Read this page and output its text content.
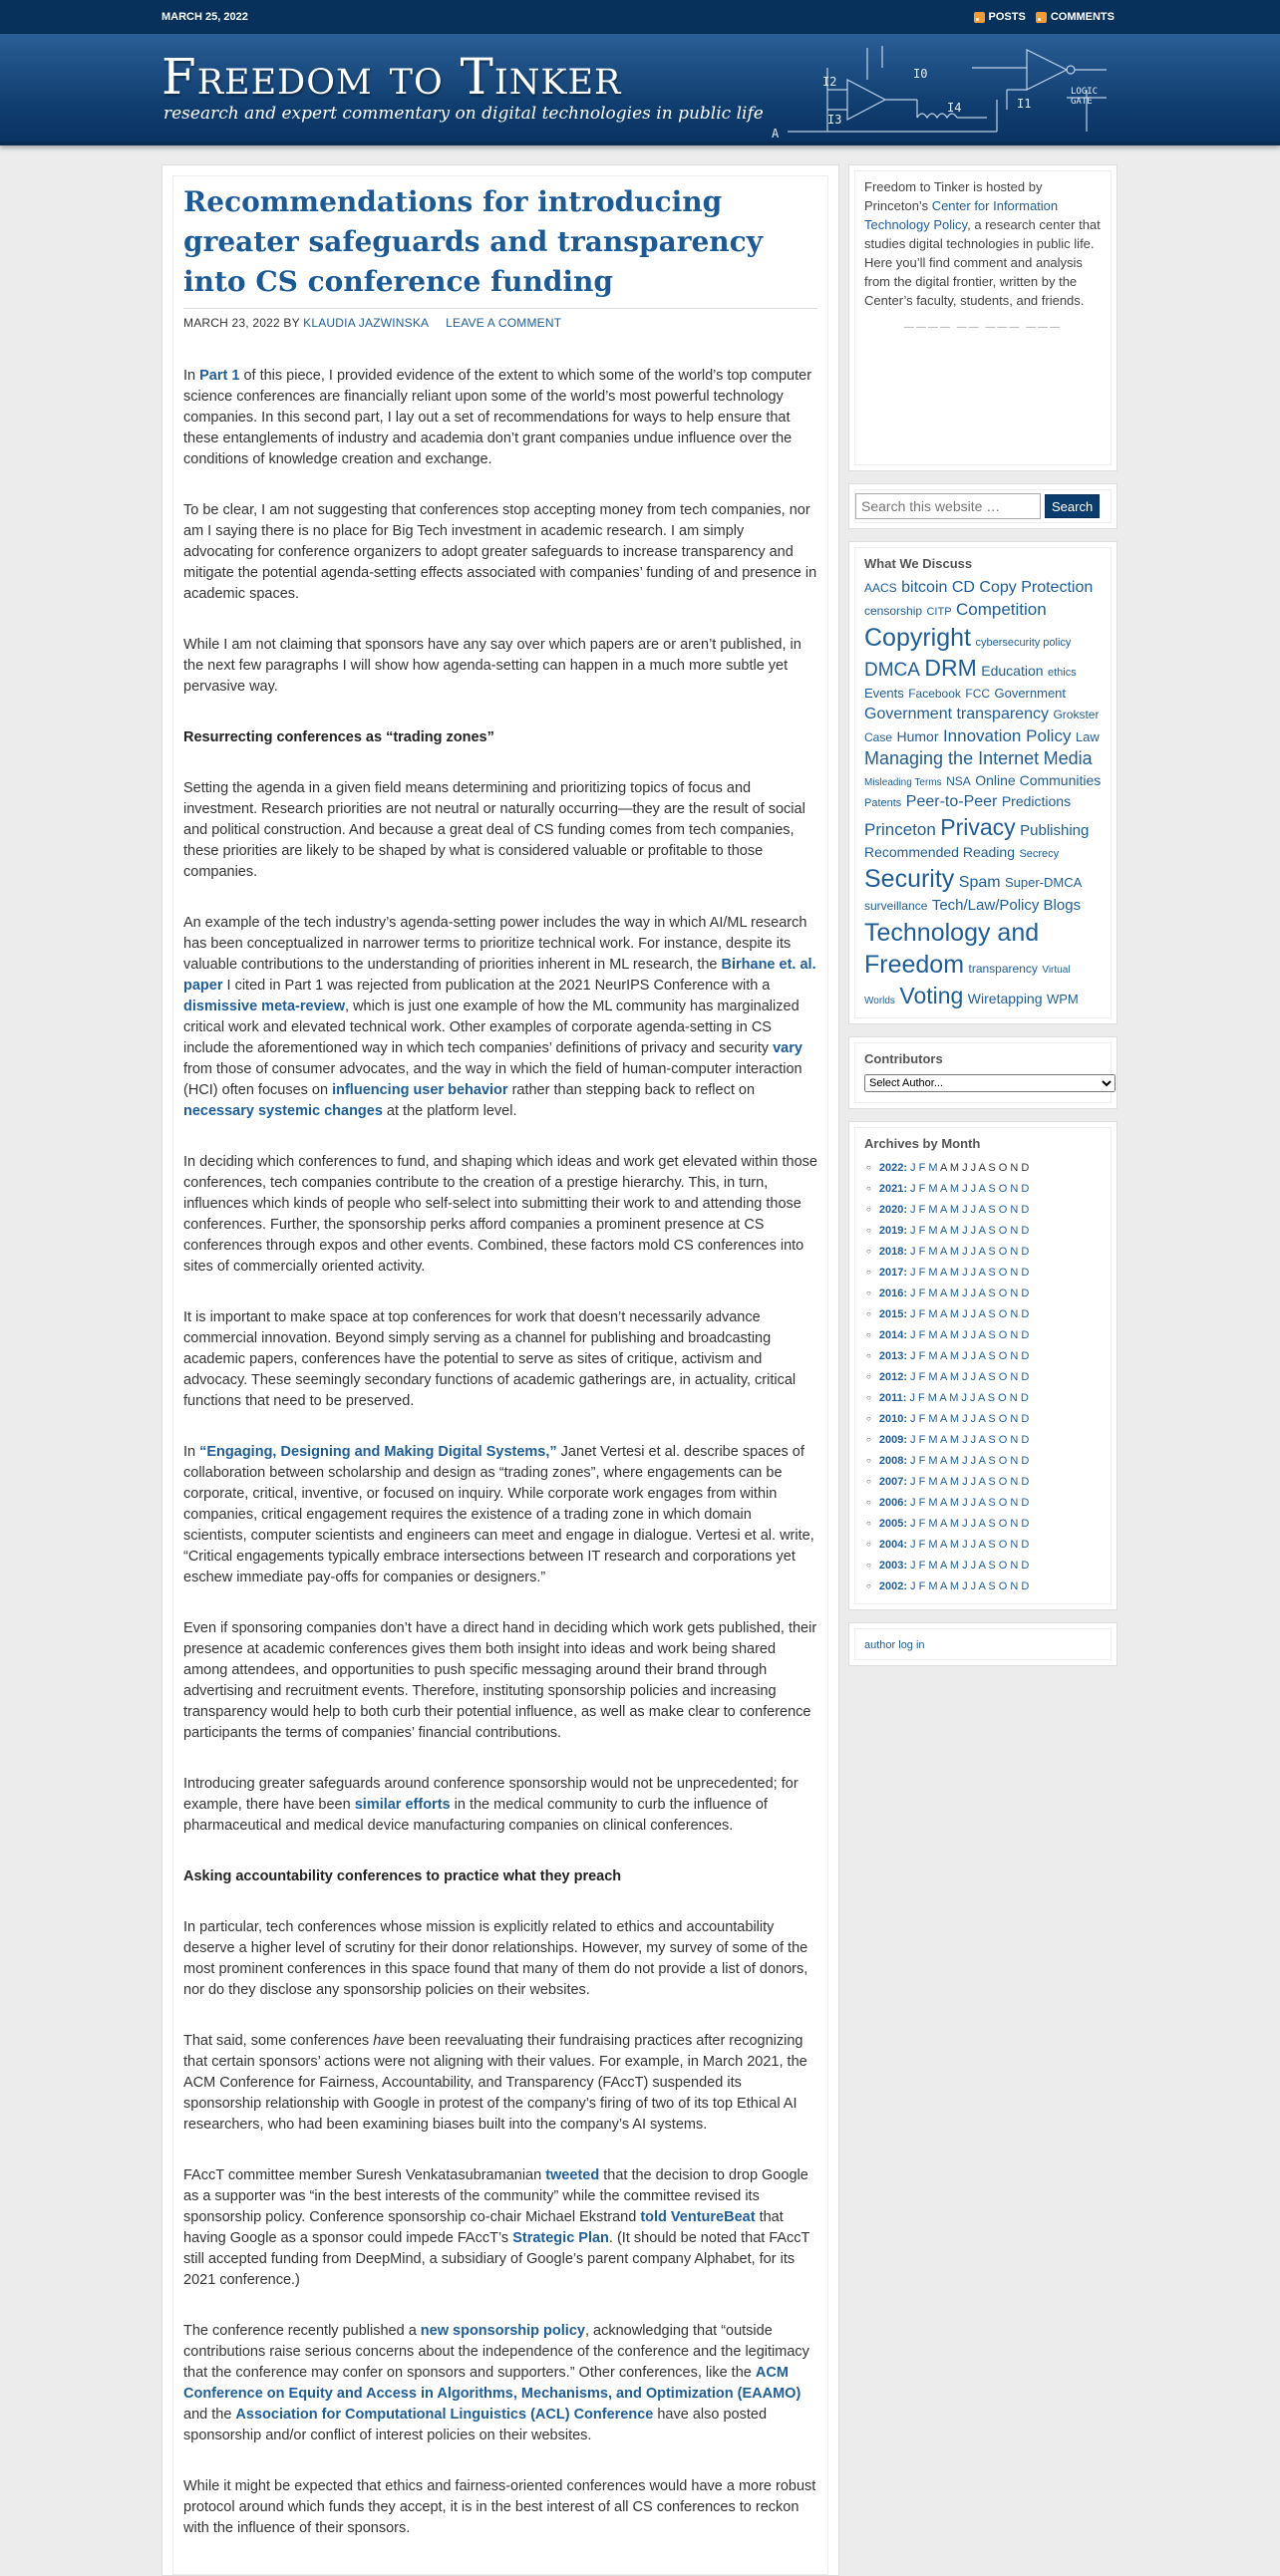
MARCH 25, 2022	POSTS COMMENTS
Freedom to Tinker
research and expert commentary on digital technologies in public life
I2
I0
I1
I3
I4
LOGIC
GATE
A
Recommendations for introducing greater safeguards and transparency into CS conference funding
MARCH 23, 2022 BY KLAUDIA JAZWINSKA LEAVE A COMMENT

In Part 1 of this piece, I provided evidence of the extent to which some of the world’s top computer science conferences are financially reliant upon some of the world’s most powerful technology companies. In this second part, I lay out a set of recommendations for ways to help ensure that these entanglements of industry and academia don’t grant companies undue influence over the conditions of knowledge creation and exchange.

To be clear, I am not suggesting that conferences stop accepting money from tech companies, nor am I saying there is no place for Big Tech investment in academic research. I am simply advocating for conference organizers to adopt greater safeguards to increase transparency and mitigate the potential agenda-setting effects associated with companies’ funding of and presence in academic spaces.

While I am not claiming that sponsors have any say over which papers are or aren’t published, in the next few paragraphs I will show how agenda-setting can happen in a much more subtle yet pervasive way.

Resurrecting conferences as “trading zones”

Setting the agenda in a given field means determining and prioritizing topics of focus and investment. Research priorities are not neutral or naturally occurring—they are the result of social and political construction. And because a great deal of CS funding comes from tech companies, these priorities are likely to be shaped by what is considered valuable or profitable to those companies.

An example of the tech industry’s agenda-setting power includes the way in which AI/ML research has been conceptualized in narrower terms to prioritize technical work. For instance, despite its valuable contributions to the understanding of priorities inherent in ML research, the Birhane et. al. paper I cited in Part 1 was rejected from publication at the 2021 NeurIPS Conference with a dismissive meta-review, which is just one example of how the ML community has marginalized critical work and elevated technical work. Other examples of corporate agenda-setting in CS include the aforementioned way in which tech companies’ definitions of privacy and security vary from those of consumer advocates, and the way in which the field of human-computer interaction (HCI) often focuses on influencing user behavior rather than stepping back to reflect on necessary systemic changes at the platform level.

In deciding which conferences to fund, and shaping which ideas and work get elevated within those conferences, tech companies contribute to the creation of a prestige hierarchy. This, in turn, influences which kinds of people who self-select into submitting their work to and attending those conferences. Further, the sponsorship perks afford companies a prominent presence at CS conferences through expos and other events. Combined, these factors mold CS conferences into sites of commercially oriented activity.

It is important to make space at top conferences for work that doesn’t necessarily advance commercial innovation. Beyond simply serving as a channel for publishing and broadcasting academic papers, conferences have the potential to serve as sites of critique, activism and advocacy. These seemingly secondary functions of academic gatherings are, in actuality, critical functions that need to be preserved.

In “Engaging, Designing and Making Digital Systems,” Janet Vertesi et al. describe spaces of collaboration between scholarship and design as “trading zones”, where engagements can be corporate, critical, inventive, or focused on inquiry. While corporate work engages from within companies, critical engagement requires the existence of a trading zone in which domain scientists, computer scientists and engineers can meet and engage in dialogue. Vertesi et al. write, “Critical engagements typically embrace intersections between IT research and corporations yet eschew immediate pay-offs for companies or designers.”

Even if sponsoring companies don’t have a direct hand in deciding which work gets published, their presence at academic conferences gives them both insight into ideas and work being shared among attendees, and opportunities to push specific messaging around their brand through advertising and recruitment events. Therefore, instituting sponsorship policies and increasing transparency would help to both curb their potential influence, as well as make clear to conference participants the terms of companies’ financial contributions.

Introducing greater safeguards around conference sponsorship would not be unprecedented; for example, there have been similar efforts in the medical community to curb the influence of pharmaceutical and medical device manufacturing companies on clinical conferences.

Asking accountability conferences to practice what they preach

In particular, tech conferences whose mission is explicitly related to ethics and accountability deserve a higher level of scrutiny for their donor relationships. However, my survey of some of the most prominent conferences in this space found that many of them do not provide a list of donors, nor do they disclose any sponsorship policies on their websites.

That said, some conferences have been reevaluating their fundraising practices after recognizing that certain sponsors’ actions were not aligning with their values. For example, in March 2021, the ACM Conference for Fairness, Accountability, and Transparency (FAccT) suspended its sponsorship relationship with Google in protest of the company’s firing of two of its top Ethical AI researchers, who had been examining biases built into the company’s AI systems.

FAccT committee member Suresh Venkatasubramanian tweeted that the decision to drop Google as a supporter was “in the best interests of the community” while the committee revised its sponsorship policy. Conference sponsorship co-chair Michael Ekstrand told VentureBeat that having Google as a sponsor could impede FAccT’s Strategic Plan. (It should be noted that FAccT still accepted funding from DeepMind, a subsidiary of Google’s parent company Alphabet, for its 2021 conference.)

The conference recently published a new sponsorship policy, acknowledging that “outside contributions raise serious concerns about the independence of the conference and the legitimacy that the conference may confer on sponsors and supporters.” Other conferences, like the ACM Conference on Equity and Access in Algorithms, Mechanisms, and Optimization (EAAMO) and the Association for Computational Linguistics (ACL) Conference have also posted sponsorship and/or conflict of interest policies on their websites.

While it might be expected that ethics and fairness-oriented conferences would have a more robust protocol around which funds they accept, it is in the best interest of all CS conferences to reckon with the influence of their sponsors.

Freedom to Tinker is hosted by Princeton’s Center for Information Technology Policy, a research center that studies digital technologies in public life. Here you’ll find comment and analysis from the digital frontier, written by the Center’s faculty, students, and friends.
———— —— ——— ———
Search this website …
Search
What We Discuss
AACS bitcoin CD Copy Protection censorship CITP Competition Copyright cybersecurity policy DMCA DRM Education ethics Events Facebook FCC Government Government transparency Grokster Case Humor Innovation Policy Law Managing the Internet Media Misleading Terms NSA Online Communities Patents Peer-to-Peer Predictions Princeton Privacy Publishing Recommended Reading Secrecy Security Spam Super-DMCA surveillance Tech/Law/Policy Blogs Technology and Freedom transparency Virtual Worlds Voting Wiretapping WPM
Contributors
Select Author...
Archives by Month
○ 2022: J F M A M J J A S O N D
○ 2021: J F M A M J J A S O N D
○ 2020: J F M A M J J A S O N D
○ 2019: J F M A M J J A S O N D
○ 2018: J F M A M J J A S O N D
○ 2017: J F M A M J J A S O N D
○ 2016: J F M A M J J A S O N D
○ 2015: J F M A M J J A S O N D
○ 2014: J F M A M J J A S O N D
○ 2013: J F M A M J J A S O N D
○ 2012: J F M A M J J A S O N D
○ 2011: J F M A M J J A S O N D
○ 2010: J F M A M J J A S O N D
○ 2009: J F M A M J J A S O N D
○ 2008: J F M A M J J A S O N D
○ 2007: J F M A M J J A S O N D
○ 2006: J F M A M J J A S O N D
○ 2005: J F M A M J J A S O N D
○ 2004: J F M A M J J A S O N D
○ 2003: J F M A M J J A S O N D
○ 2002: J F M A M J J A S O N D
author log in
